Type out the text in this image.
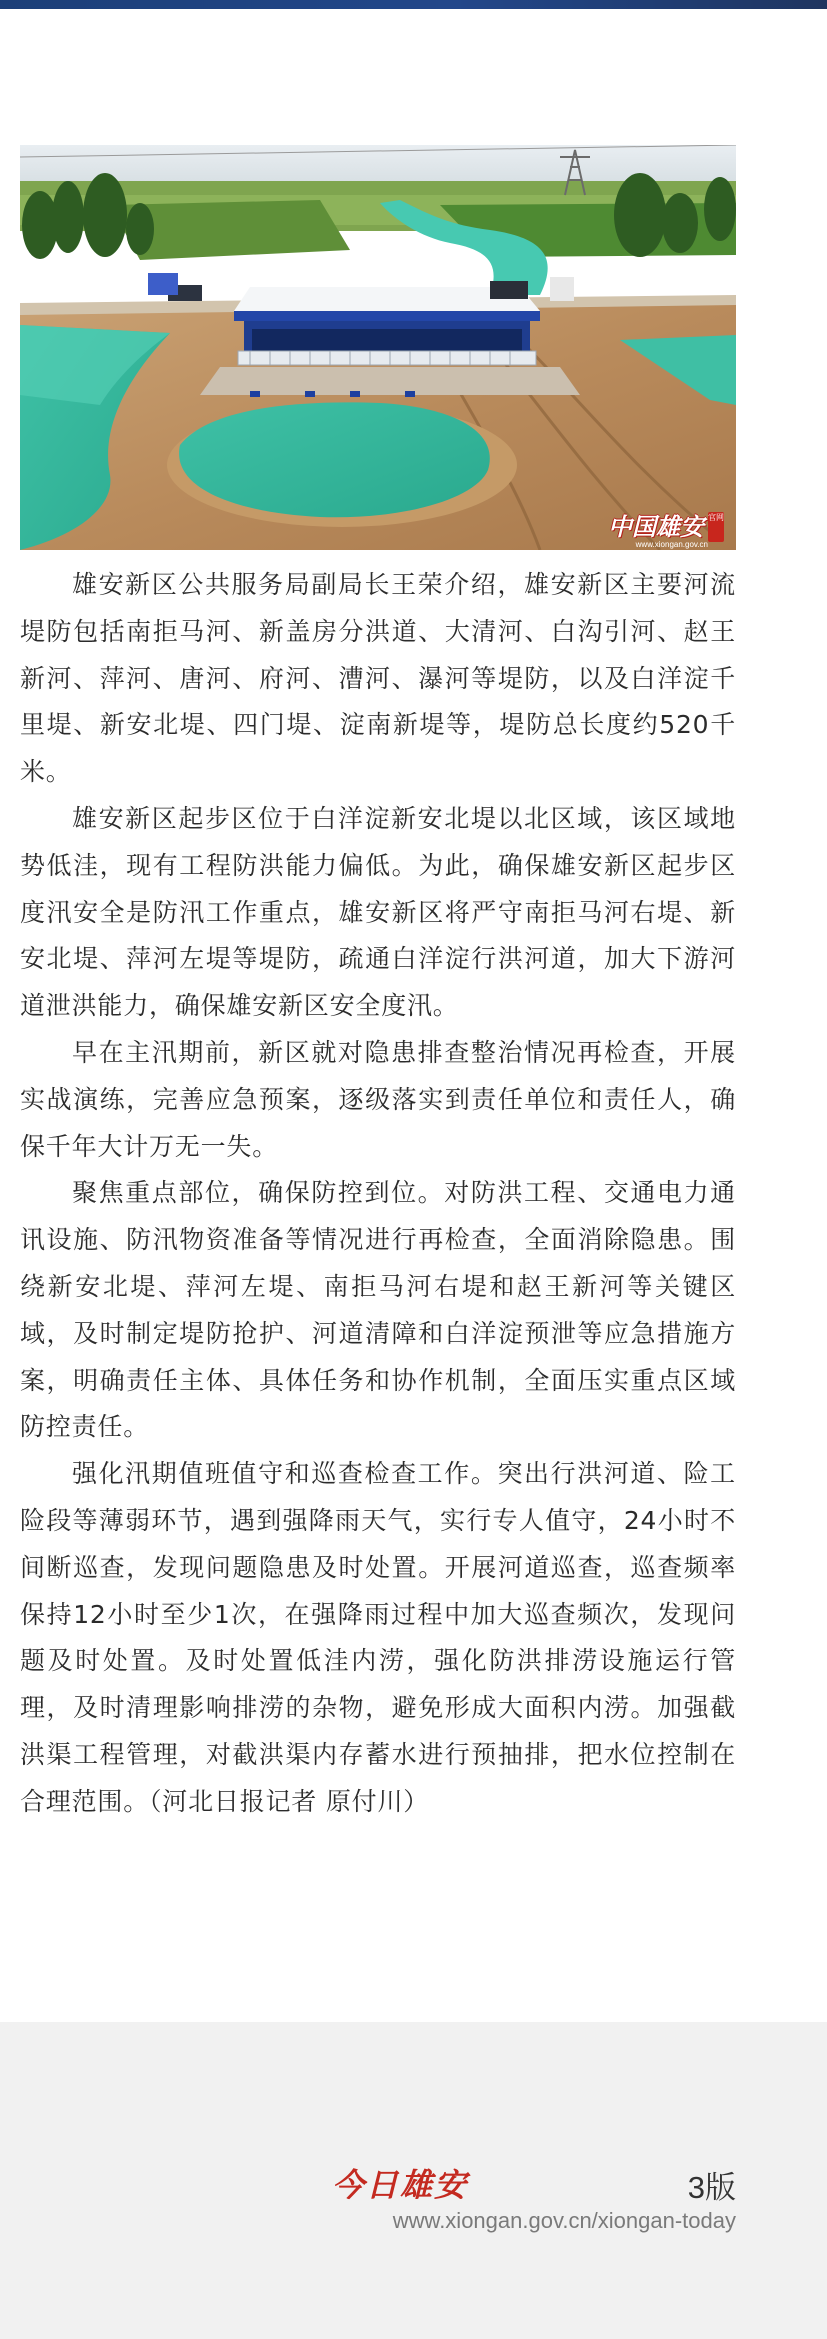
中国雄安 官网
www.xiongan.gov.cn

雄安新区公共服务局副局长王荣介绍，雄安新区主要河流堤防包括南拒马河、新盖房分洪道、大清河、白沟引河、赵王新河、萍河、唐河、府河、漕河、瀑河等堤防，以及白洋淀千里堤、新安北堤、四门堤、淀南新堤等，堤防总长度约520千米。

雄安新区起步区位于白洋淀新安北堤以北区域，该区域地势低洼，现有工程防洪能力偏低。为此，确保雄安新区起步区度汛安全是防汛工作重点，雄安新区将严守南拒马河右堤、新安北堤、萍河左堤等堤防，疏通白洋淀行洪河道，加大下游河道泄洪能力，确保雄安新区安全度汛。

早在主汛期前，新区就对隐患排查整治情况再检查，开展实战演练，完善应急预案，逐级落实到责任单位和责任人，确保千年大计万无一失。

聚焦重点部位，确保防控到位。对防洪工程、交通电力通讯设施、防汛物资准备等情况进行再检查，全面消除隐患。围绕新安北堤、萍河左堤、南拒马河右堤和赵王新河等关键区域，及时制定堤防抢护、河道清障和白洋淀预泄等应急措施方案，明确责任主体、具体任务和协作机制，全面压实重点区域防控责任。

强化汛期值班值守和巡查检查工作。突出行洪河道、险工险段等薄弱环节，遇到强降雨天气，实行专人值守，24小时不间断巡查，发现问题隐患及时处置。开展河道巡查，巡查频率保持12小时至少1次，在强降雨过程中加大巡查频次，发现问题及时处置。及时处置低洼内涝，强化防洪排涝设施运行管理，及时清理影响排涝的杂物，避免形成大面积内涝。加强截洪渠工程管理，对截洪渠内存蓄水进行预抽排，把水位控制在合理范围。（河北日报记者 原付川）

今日雄安	3版
www.xiongan.gov.cn/xiongan-today
